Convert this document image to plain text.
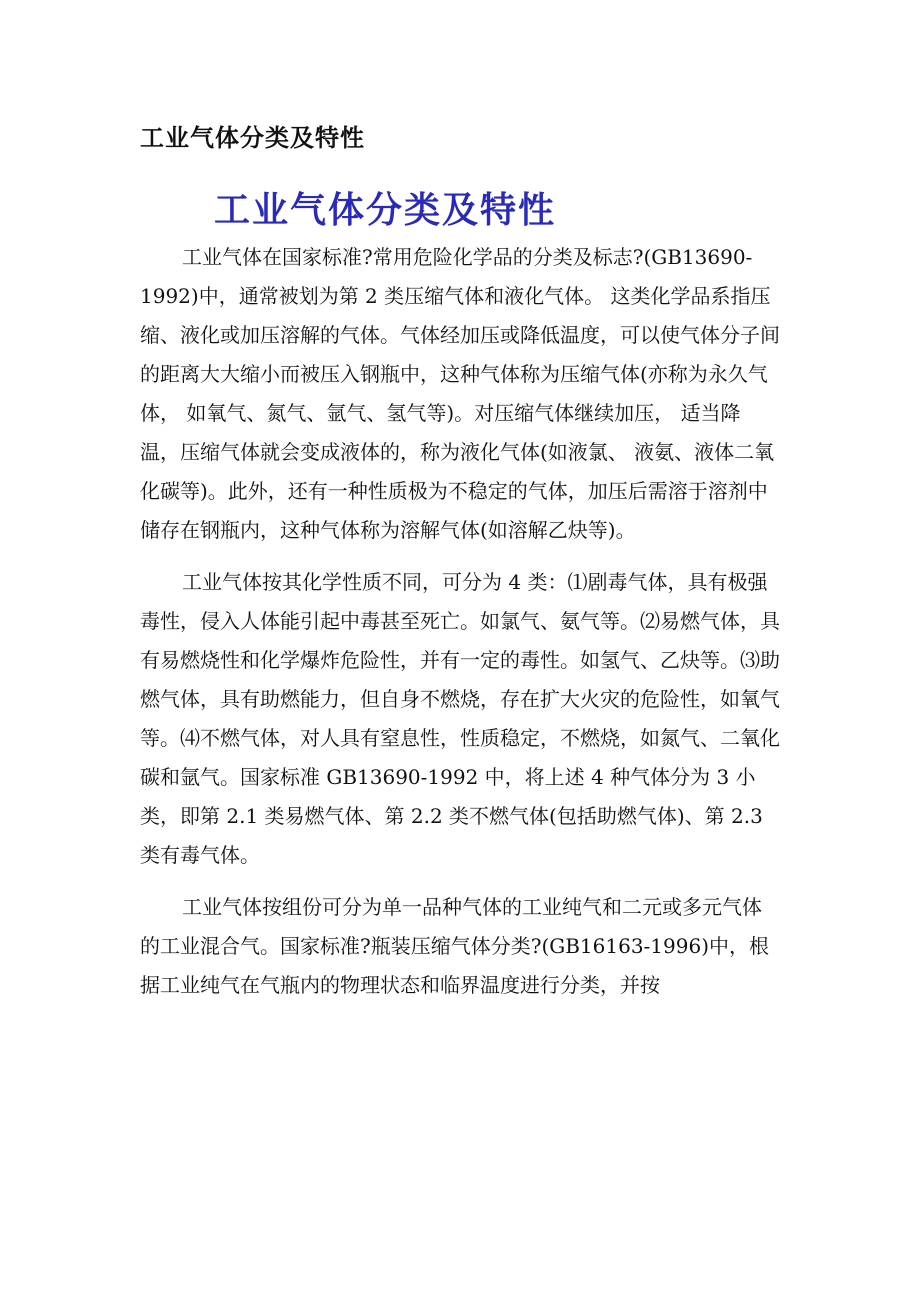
工业气体分类及特性
工业气体分类及特性

工业气体在国家标准?常用危险化学品的分类及标志?(GB13690-1992)中，通常被划为第 2 类压缩气体和液化气体。 这类化学品系指压缩、液化或加压溶解的气体。气体经加压或降低温度，可以使气体分子间的距离大大缩小而被压入钢瓶中，这种气体称为压缩气体(亦称为永久气体， 如氧气、氮气、氩气、氢气等)。对压缩气体继续加压， 适当降温，压缩气体就会变成液体的，称为液化气体(如液氯、 液氨、液体二氧化碳等)。此外，还有一种性质极为不稳定的气体，加压后需溶于溶剂中储存在钢瓶内，这种气体称为溶解气体(如溶解乙炔等)。

工业气体按其化学性质不同，可分为 4 类：⑴剧毒气体，具有极强毒性，侵入人体能引起中毒甚至死亡。如氯气、氨气等。⑵易燃气体，具有易燃烧性和化学爆炸危险性，并有一定的毒性。如氢气、乙炔等。⑶助燃气体，具有助燃能力，但自身不燃烧，存在扩大火灾的危险性，如氧气等。⑷不燃气体，对人具有窒息性，性质稳定，不燃烧，如氮气、二氧化碳和氩气。国家标准 GB13690-1992 中，将上述 4 种气体分为 3 小类，即第 2.1 类易燃气体、第 2.2 类不燃气体(包括助燃气体)、第 2.3 类有毒气体。

工业气体按组份可分为单一品种气体的工业纯气和二元或多元气体的工业混合气。国家标准?瓶装压缩气体分类?(GB16163-1996)中，根据工业纯气在气瓶内的物理状态和临界温度进行分类，并按
